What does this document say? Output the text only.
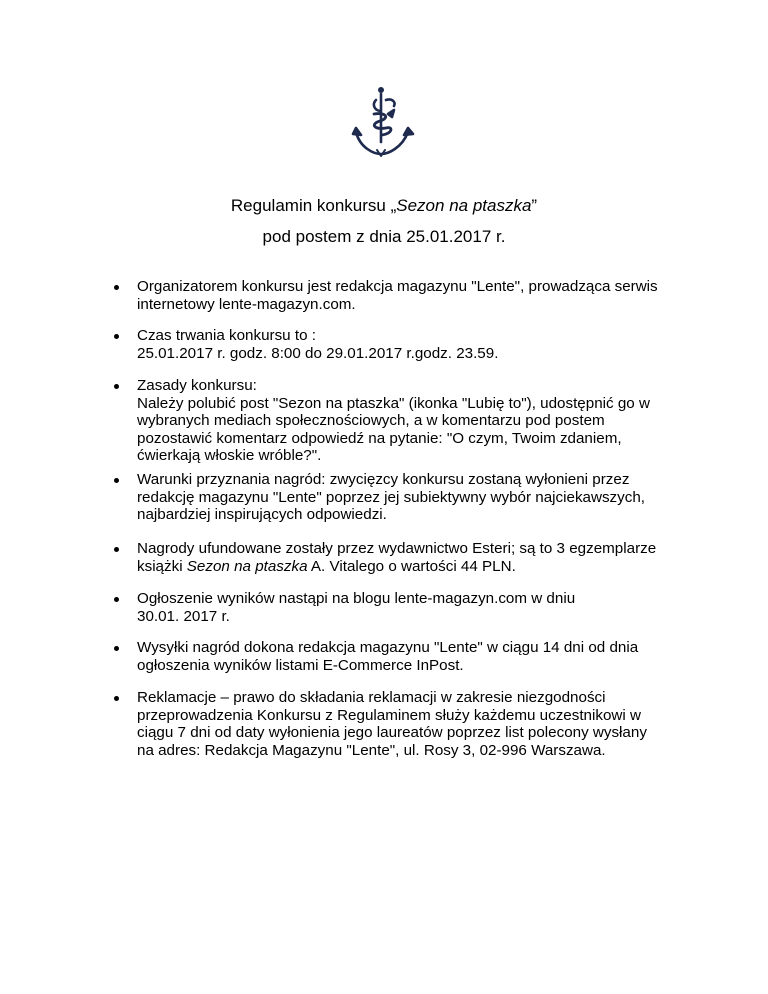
Regulamin konkursu „Sezon na ptaszka”
pod postem z dnia 25.01.2017 r.
Organizatorem konkursu jest redakcja magazynu "Lente", prowadząca serwis
internetowy lente-magazyn.com.
Czas trwania konkursu to :
25.01.2017 r. godz. 8:00 do 29.01.2017 r.godz. 23.59.
Zasady konkursu:
Należy polubić post "Sezon na ptaszka" (ikonka "Lubię to"), udostępnić go w
wybranych mediach społecznościowych, a w komentarzu pod postem
pozostawić komentarz odpowiedź na pytanie: "O czym, Twoim zdaniem,
ćwierkają włoskie wróble?".
Warunki przyznania nagród: zwycięzcy konkursu zostaną wyłonieni przez
redakcję magazynu "Lente" poprzez jej subiektywny wybór najciekawszych,
najbardziej inspirujących odpowiedzi.
Nagrody ufundowane zostały przez wydawnictwo Esteri; są to 3 egzemplarze
książki Sezon na ptaszka A. Vitalego o wartości 44 PLN.
Ogłoszenie wyników nastąpi na blogu lente-magazyn.com w dniu
30.01. 2017 r.
Wysyłki nagród dokona redakcja magazynu "Lente" w ciągu 14 dni od dnia
ogłoszenia wyników listami E-Commerce InPost.
Reklamacje – prawo do składania reklamacji w zakresie niezgodności
przeprowadzenia Konkursu z Regulaminem służy każdemu uczestnikowi w
ciągu 7 dni od daty wyłonienia jego laureatów poprzez list polecony wysłany
na adres: Redakcja Magazynu "Lente", ul. Rosy 3, 02-996 Warszawa.
